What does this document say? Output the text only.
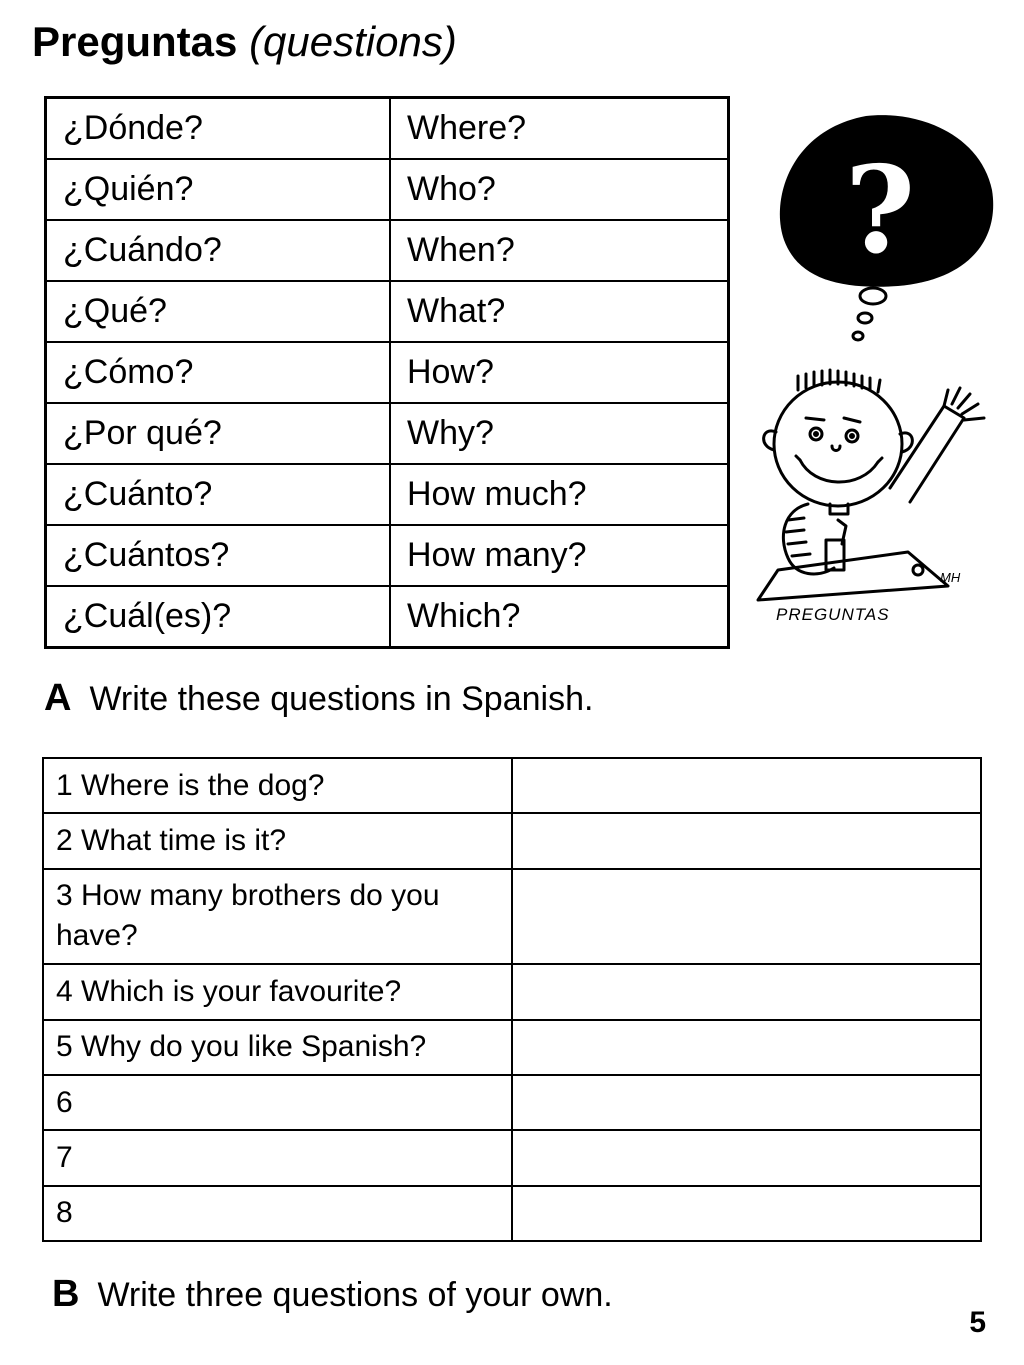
Preguntas (questions)
¿Dónde?	Where?
¿Quién?	Who?
¿Cuándo?	When?
¿Qué?	What?
¿Cómo?	How?
¿Por qué?	Why?
¿Cuánto?	How much?
¿Cuántos?	How many?
¿Cuál(es)?	Which?
?
MH
PREGUNTAS
A Write these questions in Spanish.
1 Where is the dog?	
2 What time is it?	
3 How many brothers do you have?	
4 Which is your favourite?	
5 Why do you like Spanish?	
6	
7	
8	
B Write three questions of your own.
5
